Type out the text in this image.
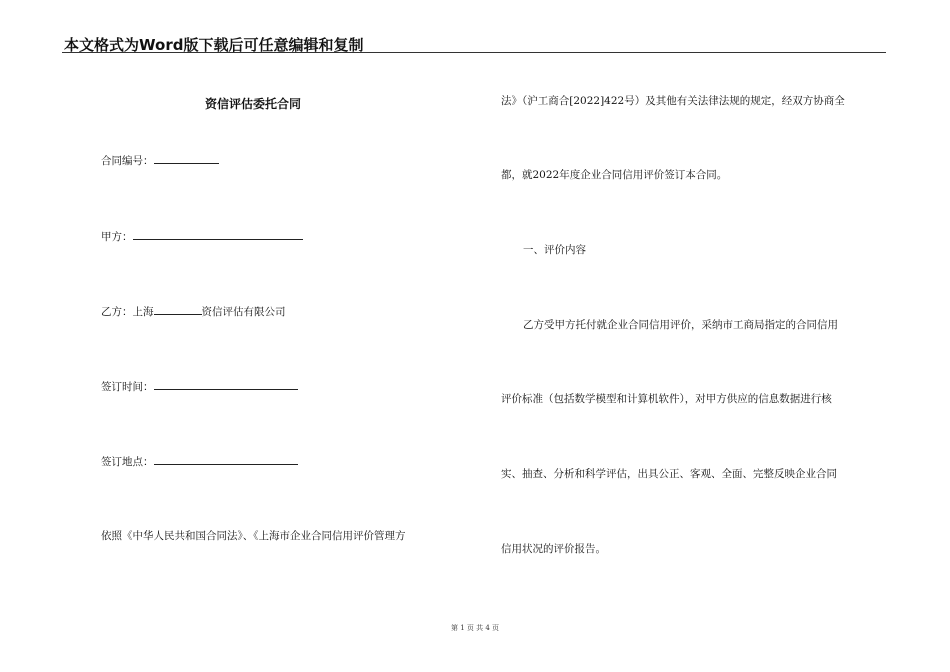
本文格式为Word版下载后可任意编辑和复制
资信评估委托合同
合同编号：
甲方：
乙方：上海	资信评估有限公司
签订时间：
签订地点：
依照《中华人民共和国合同法》、《上海市企业合同信用评价管理方
法》（沪工商合[2022]422号）及其他有关法律法规的规定，经双方协商全
都，就2022年度企业合同信用评价签订本合同。
一、评价内容
乙方受甲方托付就企业合同信用评价，采纳市工商局指定的合同信用
评价标准（包括数学模型和计算机软件），对甲方供应的信息数据进行核
实、抽查、分析和科学评估，出具公正、客观、全面、完整反映企业合同
信用状况的评价报告。
第 1 页 共 4 页
